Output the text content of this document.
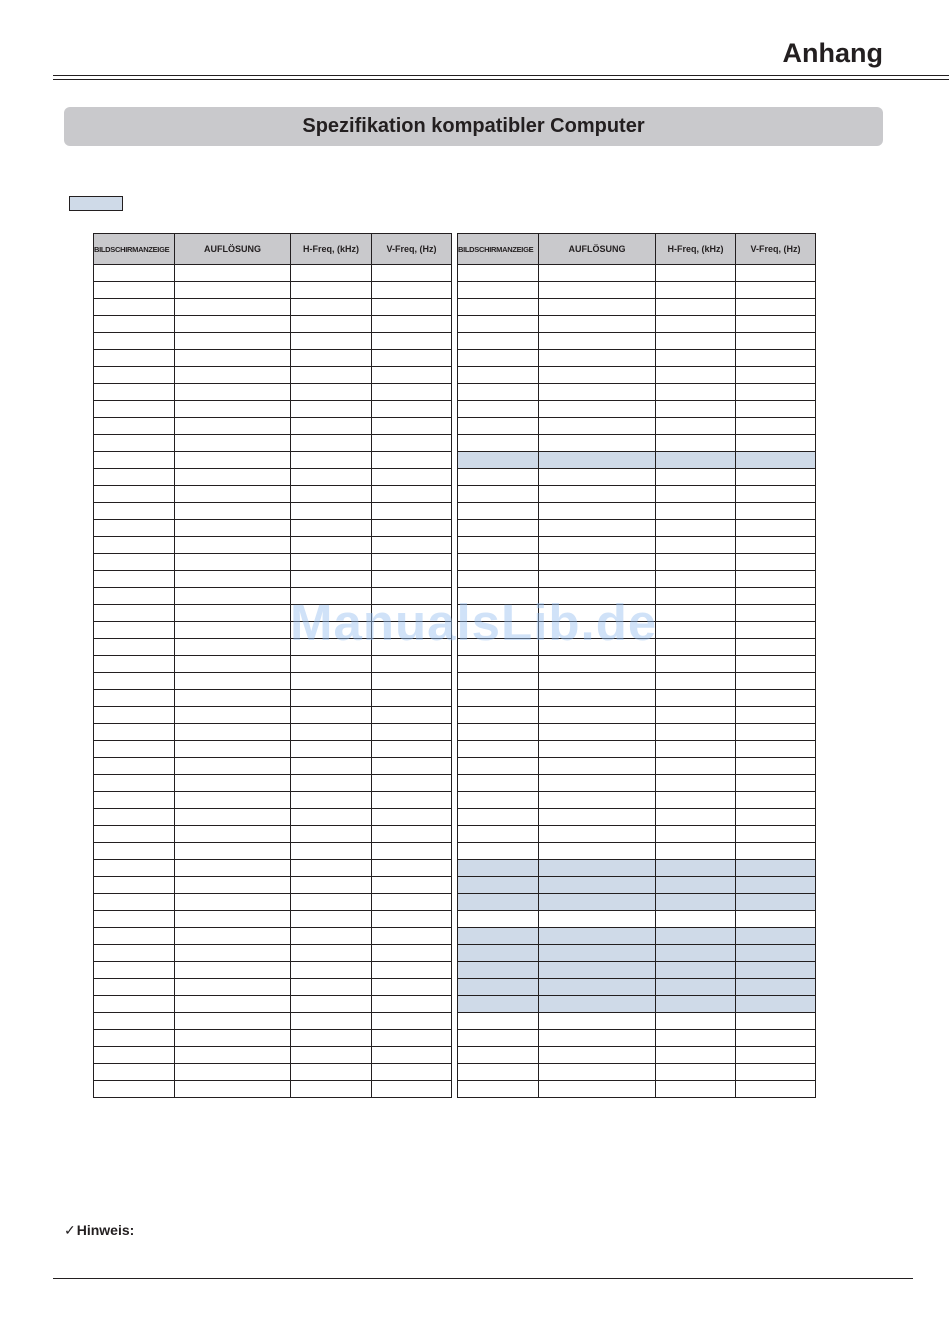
Anhang
Spezifikation kompatibler Computer
BILDSCHIRMANZEIGE	AUFLÖSUNG	H-Freq, (kHz)	V-Freq, (Hz)

				BILDSCHIRMANZEIGE	AUFLÖSUNG	H-Freq, (kHz)	V-Freq, (Hz)

ManualsLib.de
✓Hinweis:
